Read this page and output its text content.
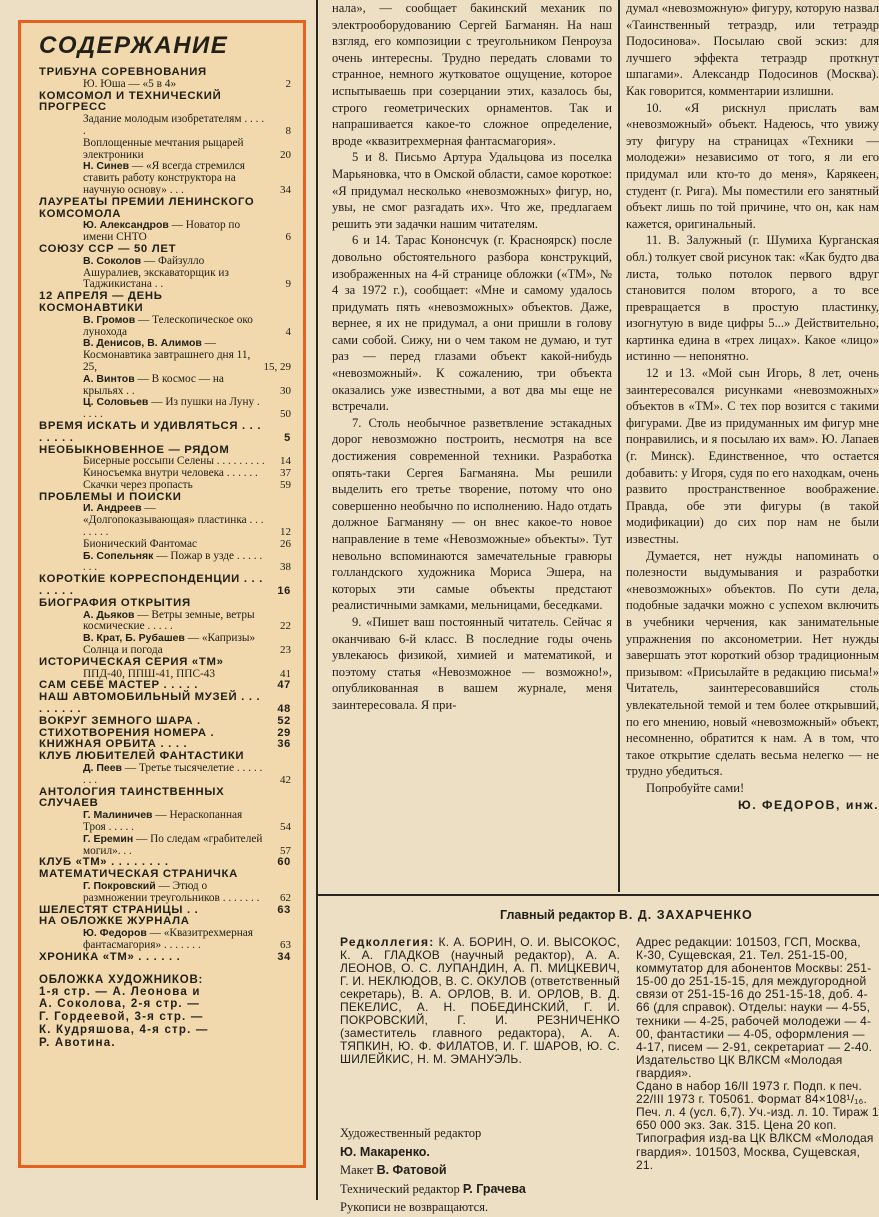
СОДЕРЖАНИЕ
ТРИБУНА СОРЕВНОВАНИЯ
Ю. Юша — «5 в 4»	2
КОМСОМОЛ И ТЕХНИЧЕСКИЙ ПРОГРЕСС
Задание молодым изобретателям . . . . .	8
Воплощенные мечтания рыцарей электроники	20
Н. Синев — «Я всегда стремился ставить работу конструктора на научную основу» . . .	34
ЛАУРЕАТЫ ПРЕМИИ ЛЕНИНСКОГО КОМСОМОЛА
Ю. Александров — Новатор по имени СНТО	6
СОЮЗУ ССР — 50 ЛЕТ
В. Соколов — Файзулло Ашуралиев, экскаваторщик из Таджикистана . .	9
12 АПРЕЛЯ — ДЕНЬ КОСМОНАВТИКИ
В. Громов — Телескопическое око лунохода	4
В. Денисов, В. Алимов — Космонавтика завтрашнего дня 11, 25,	15, 29
А. Винтов — В космос — на крыльях . .	30
Ц. Соловьев — Из пушки на Луну . . . . .	50
ВРЕМЯ ИСКАТЬ И УДИВЛЯТЬСЯ . . . . . . . .	5
НЕОБЫКНОВЕННОЕ — РЯДОМ
Бисерные россыпи Селены . . . . . . . . . 14
Киносъемка внутри человека . . . . . . 37
Скачки через пропасть	59
ПРОБЛЕМЫ И ПОИСКИ
И. Андреев — «Долгопоказывающая» пластинка . . . . . . . .	12
Бионический Фантомас	26
Б. Сопельняк — Пожар в узде . . . . . . . .	38
КОРОТКИЕ КОРРЕСПОНДЕНЦИИ . . . . . . . .	16
БИОГРАФИЯ ОТКРЫТИЯ
А. Дьяков — Ветры земные, ветры космические . . . . .	22
В. Крат, Б. Рубашев — «Капризы» Солнца и погода	23
ИСТОРИЧЕСКАЯ СЕРИЯ «ТМ»
ППД-40, ППШ-41, ППС-43	41
САМ СЕБЕ МАСТЕР . . . . .	47
НАШ АВТОМОБИЛЬНЫЙ МУЗЕЙ . . . . . . . . .	48
ВОКРУГ ЗЕМНОГО ШАРА .	52
СТИХОТВОРЕНИЯ НОМЕРА .	29
КНИЖНАЯ ОРБИТА . . . .	36
КЛУБ ЛЮБИТЕЛЕЙ ФАНТАСТИКИ
Д. Пеев — Третье тысячелетие . . . . . . . .	42
АНТОЛОГИЯ ТАИНСТВЕННЫХ СЛУЧАЕВ
Г. Малиничев — Нераскопанная Троя . . . . .	54
Г. Еремин — По следам «грабителей могил». . .	57
КЛУБ «ТМ» . . . . . . . .	60
МАТЕМАТИЧЕСКАЯ СТРАНИЧКА
Г. Покровский — Этюд о размножении треугольников . . . . . . . 62
ШЕЛЕСТЯТ СТРАНИЦЫ . .	63
НА ОБЛОЖКЕ ЖУРНАЛА
Ю. Федоров — «Квазитрехмерная фантасмагория» . . . . . . .	63
ХРОНИКА «ТМ» . . . . . .	34
ОБЛОЖКА ХУДОЖНИКОВ:
1-я стр. — А. Леонова и
А. Соколова, 2-я стр. —
Г. Гордеевой, 3-я стр. —
К. Кудряшова, 4-я стр. —
Р. Авотина.

нала», — сообщает бакинский механик по электрооборудованию Сергей Багманян. На наш взгляд, его композиции с треугольником Пенроуза очень интересны. Трудно передать словами то странное, немного жутковатое ощущение, которое испытываешь при созерцании этих, казалось бы, строго геометрических орнаментов. Так и напрашивается какое-то сложное определение, вроде «квазитрехмерная фантасмагория».

5 и 8. Письмо Артура Удальцова из поселка Марьяновка, что в Омской области, самое короткое: «Я придумал несколько «невозможных» фигур, но, увы, не смог разгадать их». Что же, предлагаем решить эти задачки нашим читателям.

6 и 14. Тарас Кононсчук (г. Красноярск) после довольно обстоятельного разбора конструкций, изображенных на 4-й странице обложки («ТМ», № 4 за 1972 г.), сообщает: «Мне и самому удалось придумать пять «невозможных» объектов. Даже, вернее, я их не придумал, а они пришли в голову сами собой. Сижу, ни о чем таком не думаю, и тут раз — перед глазами объект какой-нибудь «невозможный». К сожалению, три объекта оказались уже известными, а вот два мы еще не встречали.

7. Столь необычное разветвление эстакадных дорог невозможно построить, несмотря на все достижения современной техники. Разработка опять-таки Сергея Багманяна. Мы решили выделить его третье творение, потому что оно совершенно необычно по исполнению. Надо отдать должное Багманяну — он внес какое-то новое направление в теме «Невозможные» объекты». Тут невольно вспоминаются замечательные гравюры голландского художника Мориса Эшера, на которых эти самые объекты предстают реалистичными замками, мельницами, беседками.

9. «Пишет ваш постоянный читатель. Сейчас я оканчиваю 6-й класс. В последние годы очень увлекаюсь физикой, химией и математикой, и поэтому статья «Невозможное — возможно!», опубликованная в вашем журнале, меня заинтересовала. Я при-

думал «невозможную» фигуру, которую назвал «Таинственный тетраэдр, или тетраэдр Подосинова». Посылаю свой эскиз: для лучшего эффекта тетраэдр проткнут шпагами». Александр Подосинов (Москва). Как говорится, комментарии излишни.

10. «Я рискнул прислать вам «невозможный» объект. Надеюсь, что увижу эту фигуру на страницах «Техники — молодежи» независимо от того, я ли его придумал или кто-то до меня», Карякеен, студент (г. Рига). Мы поместили его занятный объект лишь по той причине, что он, как нам кажется, оригинальный.

11. В. Залужный (г. Шумиха Курганская обл.) толкует свой рисунок так: «Как будто два листа, только потолок первого вдруг становится полом второго, а то все превращается в простую пластинку, изогнутую в виде цифры 5...» Действительно, картинка едина в «трех лицах». Какое «лицо» истинно — непонятно.

12 и 13. «Мой сын Игорь, 8 лет, очень заинтересовался рисунками «невозможных» объектов в «ТМ». С тех пор возится с такими фигурами. Две из придуманных им фигур мне понравились, и я посылаю их вам». Ю. Лапаев (г. Минск). Единственное, что остается добавить: у Игоря, судя по его находкам, очень развито пространственное воображение. Правда, обе эти фигуры (в такой модификации) до сих пор нам не были известны.

Думается, нет нужды напоминать о полезности выдумывания и разработки «невозможных» объектов. По сути дела, подобные задачки можно с успехом включить в учебники черчения, как занимательные упражнения по аксонометрии. Нет нужды завершать этот короткий обзор традиционным призывом: «Присылайте в редакцию письма!» Читатель, заинтересовавшийся столь увлекательной темой и тем более открывший, по его мнению, новый «невозможный» объект, несомненно, обратится к нам. А в том, что такое открытие сделать весьма нелегко — не трудно убедиться.

Попробуйте сами!

Ю. ФЕДОРОВ, инж.

Главный редактор В. Д. ЗАХАРЧЕНКО
Редколлегия: К. А. БОРИН, О. И. ВЫСОКОС, К. А. ГЛАДКОВ (научный редактор), А. А. ЛЕОНОВ, О. С. ЛУПАНДИН, А. П. МИЦКЕВИЧ, Г. И. НЕКЛЮДОВ, В. С. ОКУЛОВ (ответственный секретарь), В. А. ОРЛОВ, В. И. ОРЛОВ, В. Д. ПЕКЕЛИС, А. Н. ПОБЕДИНСКИЙ, Г. И. ПОКРОВСКИЙ, Г. И. РЕЗНИЧЕНКО (заместитель главного редактора), А. А. ТЯПКИН, Ю. Ф. ФИЛАТОВ, И. Г. ШАРОВ, Ю. С. ШИЛЕЙКИС, Н. М. ЭМАНУЭЛЬ.
Художественный редактор
Ю. Макаренко.
Макет В. Фатовой
Технический редактор Р. Грачева
Рукописи не возвращаются.
Адрес редакции: 101503, ГСП, Москва, К-30, Сущевская, 21. Тел. 251-15-00, коммутатор для абонентов Москвы: 251-15-00 до 251-15-15, для междугородной связи от 251-15-16 до 251-15-18, доб. 4-66 (для справок). Отделы: науки — 4-55, техники — 4-25, рабочей молодежи — 4-00, фантастики — 4-05, оформления — 4-17, писем — 2-91, секретариат — 2-40. Издательство ЦК ВЛКСМ «Молодая гвардия».
Сдано в набор 16/II 1973 г. Подп. к печ. 22/III 1973 г. Т05061. Формат 84×108¹/₁₆. Печ. л. 4 (усл. 6,7). Уч.-изд. л. 10. Тираж 1 650 000 экз. Зак. 315. Цена 20 коп.
Типография изд-ва ЦК ВЛКСМ «Молодая гвардия». 101503, Москва, Сущевская, 21.
